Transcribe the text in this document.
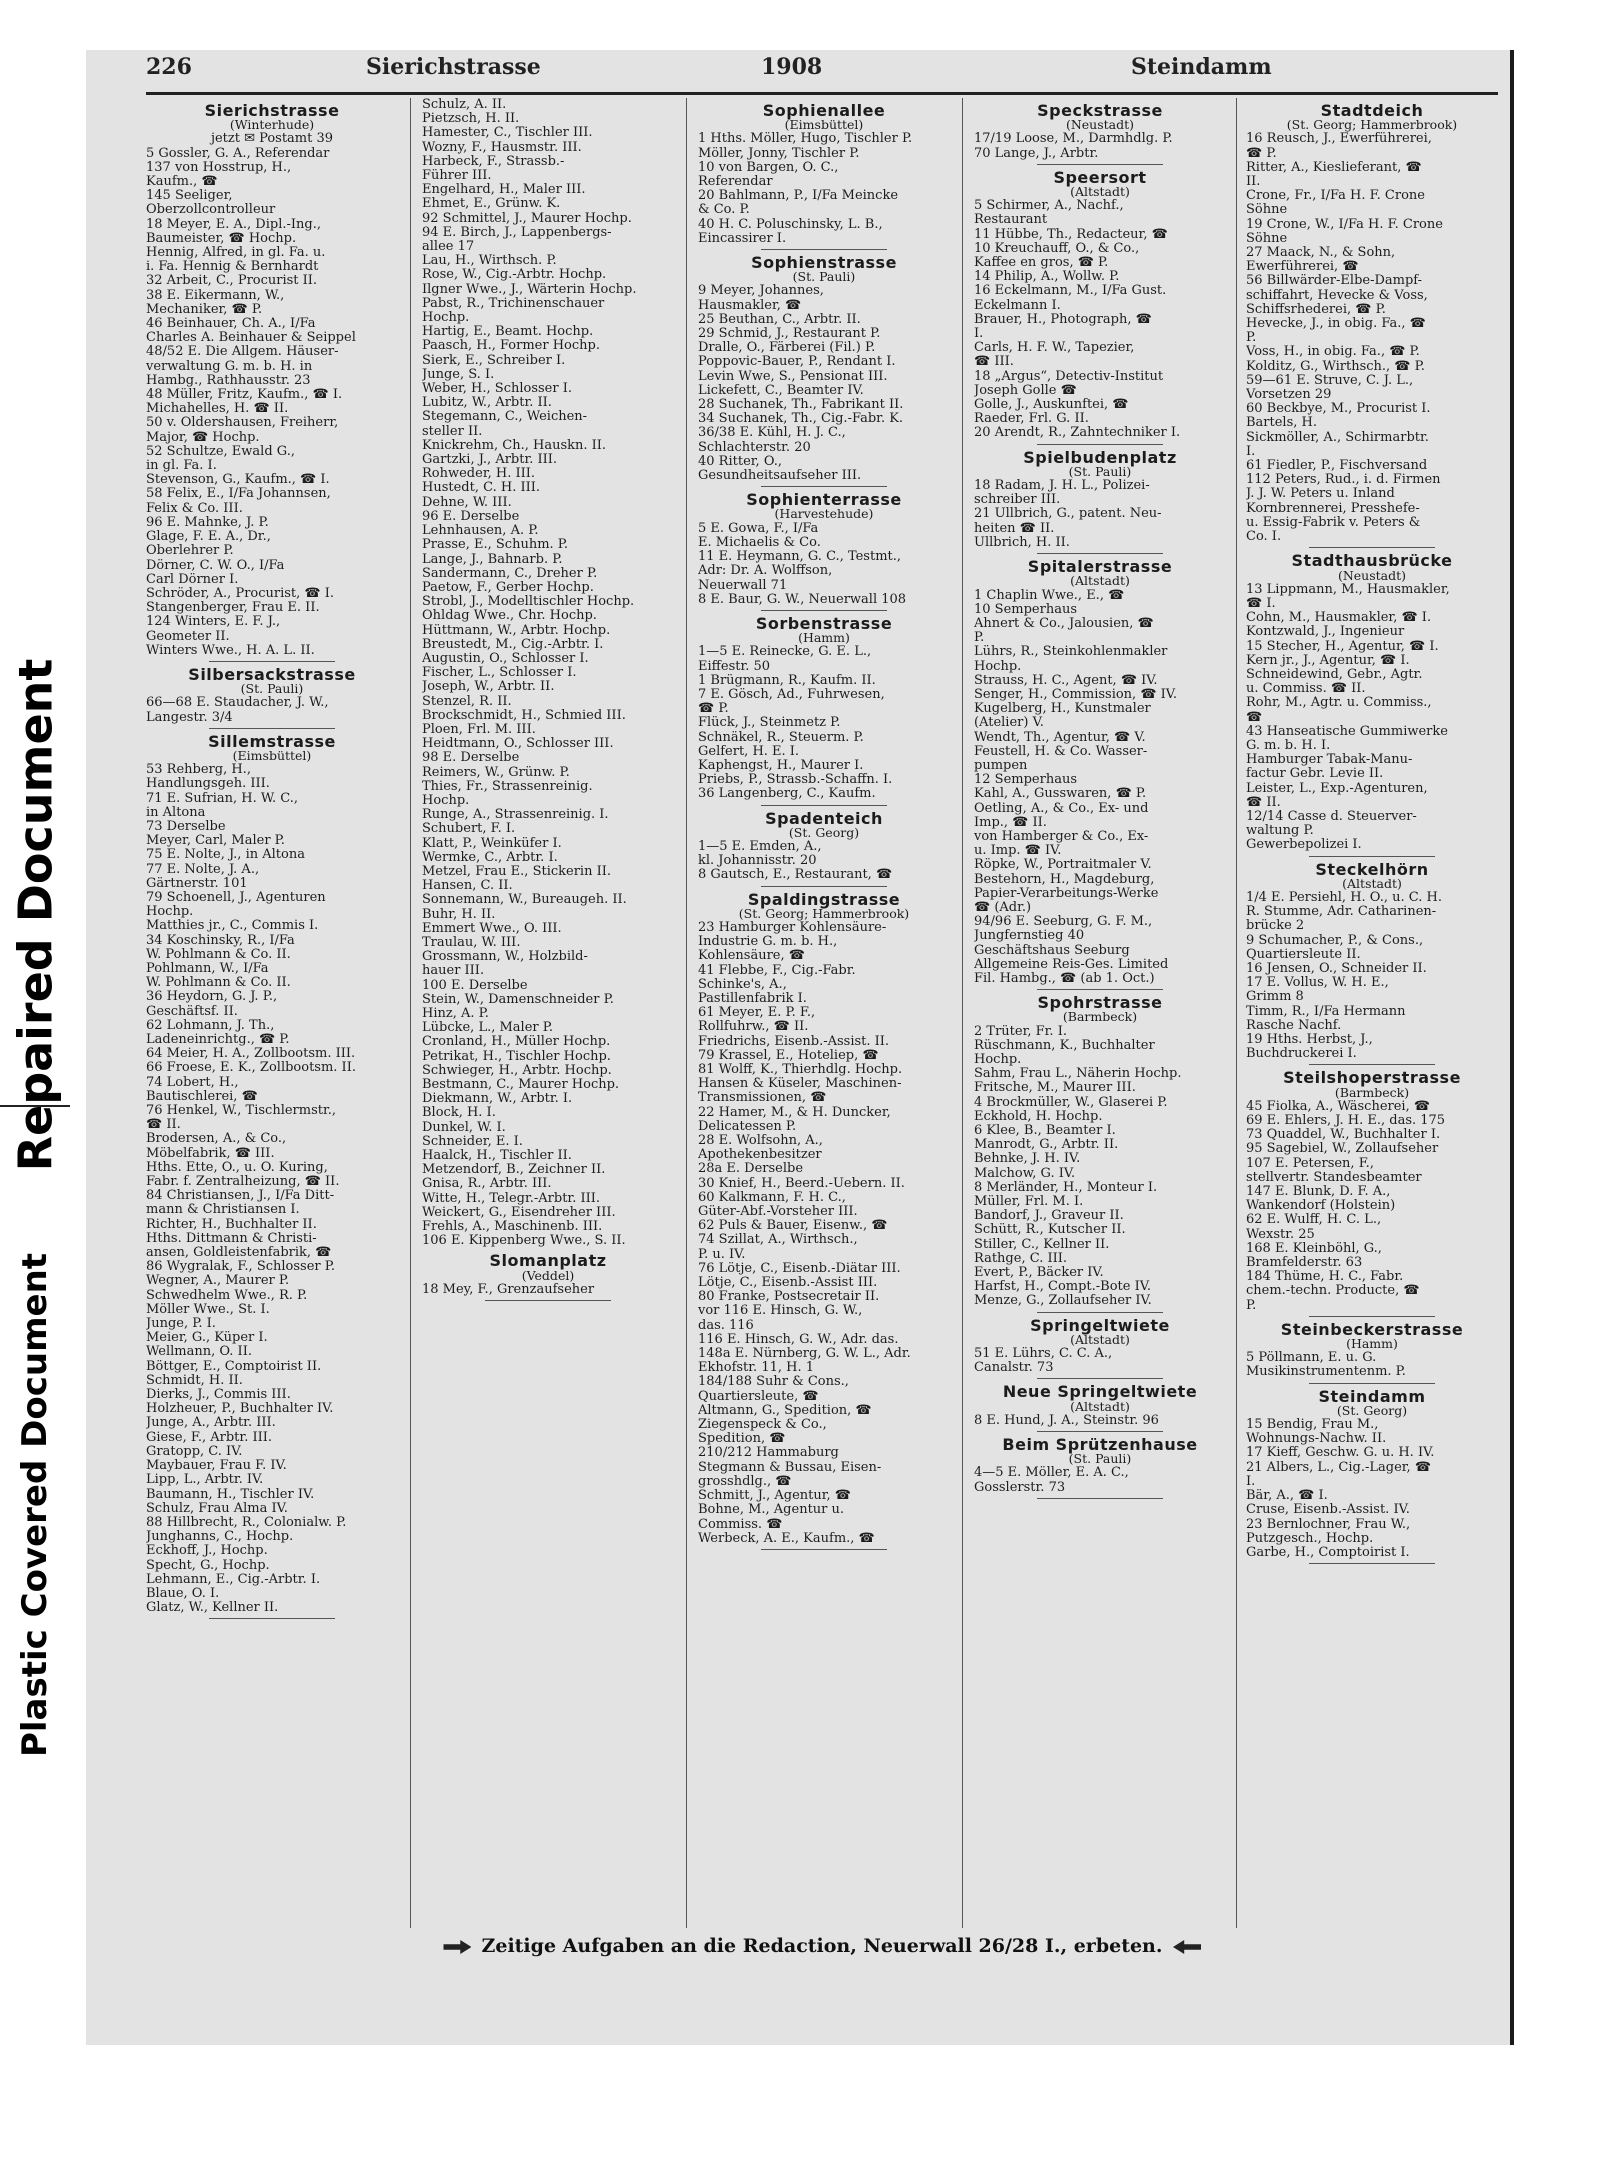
Repaired Document
Plastic Covered Document
226	Sierichstrasse	1908	Steindamm
Sierichstrasse
(Winterhude)
jetzt ✉ Postamt 39
5 Gossler, G. A., Referendar
137 von Hosstrup, H.,
Kaufm., ☎
145 Seeliger,
Oberzollcontrolleur
18 Meyer, E. A., Dipl.-Ing.,
Baumeister, ☎ Hochp.
Hennig, Alfred, in gl. Fa. u.
i. Fa. Hennig & Bernhardt
32 Arbeit, C., Procurist II.
38 E. Eikermann, W.,
Mechaniker, ☎ P.
46 Beinhauer, Ch. A., I/Fa
Charles A. Beinhauer & Seippel
48/52 E. Die Allgem. Häuser-
verwaltung G. m. b. H. in
Hambg., Rathhausstr. 23
48 Müller, Fritz, Kaufm., ☎ I.
Michahelles, H. ☎ II.
50 v. Oldershausen, Freiherr,
Major, ☎ Hochp.
52 Schultze, Ewald G.,
in gl. Fa. I.
Stevenson, G., Kaufm., ☎ I.
58 Felix, E., I/Fa Johannsen,
Felix & Co. III.
96 E. Mahnke, J. P.
Glage, F. E. A., Dr.,
Oberlehrer P.
Dörner, C. W. O., I/Fa
Carl Dörner I.
Schröder, A., Procurist, ☎ I.
Stangenberger, Frau E. II.
124 Winters, E. F. J.,
Geometer II.
Winters Wwe., H. A. L. II.
Silbersackstrasse
(St. Pauli)
66—68 E. Staudacher, J. W.,
Langestr. 3/4
Sillemstrasse
(Eimsbüttel)
53 Rehberg, H.,
Handlungsgeh. III.
71 E. Sufrian, H. W. C.,
in Altona
73 Derselbe
Meyer, Carl, Maler P.
75 E. Nolte, J., in Altona
77 E. Nolte, J. A.,
Gärtnerstr. 101
79 Schoenell, J., Agenturen
Hochp.
Matthies jr., C., Commis I.
34 Koschinsky, R., I/Fa
W. Pohlmann & Co. II.
Pohlmann, W., I/Fa
W. Pohlmann & Co. II.
36 Heydorn, G. J. P.,
Geschäftsf. II.
62 Lohmann, J. Th.,
Ladeneinrichtg., ☎ P.
64 Meier, H. A., Zollbootsm. III.
66 Froese, E. K., Zollbootsm. II.
74 Lobert, H.,
Bautischlerei, ☎
76 Henkel, W., Tischlermstr.,
☎ II.
Brodersen, A., & Co.,
Möbelfabrik, ☎ III.
Hths. Ette, O., u. O. Kuring,
Fabr. f. Zentralheizung, ☎ II.
84 Christiansen, J., I/Fa Ditt-
mann & Christiansen I.
Richter, H., Buchhalter II.
Hths. Dittmann & Christi-
ansen, Goldleistenfabrik, ☎
86 Wygralak, F., Schlosser P.
Wegner, A., Maurer P.
Schwedhelm Wwe., R. P.
Möller Wwe., St. I.
Junge, P. I.
Meier, G., Küper I.
Wellmann, O. II.
Böttger, E., Comptoirist II.
Schmidt, H. II.
Dierks, J., Commis III.
Holzheuer, P., Buchhalter IV.
Junge, A., Arbtr. III.
Giese, F., Arbtr. III.
Gratopp, C. IV.
Maybauer, Frau F. IV.
Lipp, L., Arbtr. IV.
Baumann, H., Tischler IV.
Schulz, Frau Alma IV.
88 Hillbrecht, R., Colonialw. P.
Junghanns, C., Hochp.
Eckhoff, J., Hochp.
Specht, G., Hochp.
Lehmann, E., Cig.-Arbtr. I.
Blaue, O. I.
Glatz, W., Kellner II.
Schulz, A. II.
Pietzsch, H. II.
Hamester, C., Tischler III.
Wozny, F., Hausmstr. III.
Harbeck, F., Strassb.-
Führer III.
Engelhard, H., Maler III.
Ehmet, E., Grünw. K.
92 Schmittel, J., Maurer Hochp.
94 E. Birch, J., Lappenbergs-
allee 17
Lau, H., Wirthsch. P.
Rose, W., Cig.-Arbtr. Hochp.
Ilgner Wwe., J., Wärterin Hochp.
Pabst, R., Trichinenschauer
Hochp.
Hartig, E., Beamt. Hochp.
Paasch, H., Former Hochp.
Sierk, E., Schreiber I.
Junge, S. I.
Weber, H., Schlosser I.
Lubitz, W., Arbtr. II.
Stegemann, C., Weichen-
steller II.
Knickrehm, Ch., Hauskn. II.
Gartzki, J., Arbtr. III.
Rohweder, H. III.
Hustedt, C. H. III.
Dehne, W. III.
96 E. Derselbe
Lehnhausen, A. P.
Prasse, E., Schuhm. P.
Lange, J., Bahnarb. P.
Sandermann, C., Dreher P.
Paetow, F., Gerber Hochp.
Strobl, J., Modelltischler Hochp.
Ohldag Wwe., Chr. Hochp.
Hüttmann, W., Arbtr. Hochp.
Breustedt, M., Cig.-Arbtr. I.
Augustin, O., Schlosser I.
Fischer, L., Schlosser I.
Joseph, W., Arbtr. II.
Stenzel, R. II.
Brockschmidt, H., Schmied III.
Ploen, Frl. M. III.
Heidtmann, O., Schlosser III.
98 E. Derselbe
Reimers, W., Grünw. P.
Thies, Fr., Strassenreinig.
Hochp.
Runge, A., Strassenreinig. I.
Schubert, F. I.
Klatt, P., Weinküfer I.
Wermke, C., Arbtr. I.
Metzel, Frau E., Stickerin II.
Hansen, C. II.
Sonnemann, W., Bureaugeh. II.
Buhr, H. II.
Emmert Wwe., O. III.
Traulau, W. III.
Grossmann, W., Holzbild-
hauer III.
100 E. Derselbe
Stein, W., Damenschneider P.
Hinz, A. P.
Lübcke, L., Maler P.
Cronland, H., Müller Hochp.
Petrikat, H., Tischler Hochp.
Schwieger, H., Arbtr. Hochp.
Bestmann, C., Maurer Hochp.
Diekmann, W., Arbtr. I.
Block, H. I.
Dunkel, W. I.
Schneider, E. I.
Haalck, H., Tischler II.
Metzendorf, B., Zeichner II.
Gnisa, R., Arbtr. III.
Witte, H., Telegr.-Arbtr. III.
Weickert, G., Eisendreher III.
Frehls, A., Maschinenb. III.
106 E. Kippenberg Wwe., S. II.
Slomanplatz
(Veddel)
18 Mey, F., Grenzaufseher
Sophienallee
(Eimsbüttel)
1 Hths. Möller, Hugo, Tischler P.
Möller, Jonny, Tischler P.
10 von Bargen, O. C.,
Referendar
20 Bahlmann, P., I/Fa Meincke
& Co. P.
40 H. C. Poluschinsky, L. B.,
Eincassirer I.
Sophienstrasse
(St. Pauli)
9 Meyer, Johannes,
Hausmakler, ☎
25 Beuthan, C., Arbtr. II.
29 Schmid, J., Restaurant P.
Dralle, O., Färberei (Fil.) P.
Poppovic-Bauer, P., Rendant I.
Levin Wwe, S., Pensionat III.
Lickefett, C., Beamter IV.
28 Suchanek, Th., Fabrikant II.
34 Suchanek, Th., Cig.-Fabr. K.
36/38 E. Kühl, H. J. C.,
Schlachterstr. 20
40 Ritter, O.,
Gesundheitsaufseher III.
Sophienterrasse
(Harvestehude)
5 E. Gowa, F., I/Fa
E. Michaelis & Co.
11 E. Heymann, G. C., Testmt.,
Adr: Dr. A. Wolffson,
Neuerwall 71
8 E. Baur, G. W., Neuerwall 108
Sorbenstrasse
(Hamm)
1—5 E. Reinecke, G. E. L.,
Eiffestr. 50
1 Brügmann, R., Kaufm. II.
7 E. Gösch, Ad., Fuhrwesen,
☎ P.
Flück, J., Steinmetz P.
Schnäkel, R., Steuerm. P.
Gelfert, H. E. I.
Kaphengst, H., Maurer I.
Priebs, P., Strassb.-Schaffn. I.
36 Langenberg, C., Kaufm.
Spadenteich
(St. Georg)
1—5 E. Emden, A.,
kl. Johannisstr. 20
8 Gautsch, E., Restaurant, ☎
Spaldingstrasse
(St. Georg; Hammerbrook)
23 Hamburger Kohlensäure-
Industrie G. m. b. H.,
Kohlensäure, ☎
41 Flebbe, F., Cig.-Fabr.
Schinke's, A.,
Pastillenfabrik I.
61 Meyer, E. P. F.,
Rollfuhrw., ☎ II.
Friedrichs, Eisenb.-Assist. II.
79 Krassel, E., Hoteliер, ☎
81 Wolff, K., Thierhdlg. Hochp.
Hansen & Küseler, Maschinen-
Transmissionen, ☎
22 Hamer, M., & H. Duncker,
Delicatessen P.
28 E. Wolfsohn, A.,
Apothekenbesitzer
28a E. Derselbe
30 Knief, H., Beerd.-Uebern. II.
60 Kalkmann, F. H. C.,
Güter-Abf.-Vorsteher III.
62 Puls & Bauer, Eisenw., ☎
74 Szillat, A., Wirthsch.,
P. u. IV.
76 Lötje, C., Eisenb.-Diätar III.
Lötje, C., Eisenb.-Assist III.
80 Franke, Postsecretair II.
vor 116 E. Hinsch, G. W.,
das. 116
116 E. Hinsch, G. W., Adr. das.
148a E. Nürnberg, G. W. L., Adr.
Ekhofstr. 11, H. 1
184/188 Suhr & Cons.,
Quartiersleute, ☎
Altmann, G., Spedition, ☎
Ziegenspeck & Co.,
Spedition, ☎
210/212 Hammaburg
Stegmann & Bussau, Eisen-
grosshdlg., ☎
Schmitt, J., Agentur, ☎
Bohne, M., Agentur u.
Commiss. ☎
Werbeck, A. E., Kaufm., ☎
Speckstrasse
(Neustadt)
17/19 Loose, M., Darmhdlg. P.
70 Lange, J., Arbtr.
Speersort
(Altstadt)
5 Schirmer, A., Nachf.,
Restaurant
11 Hübbe, Th., Redacteur, ☎
10 Kreuchauff, O., & Co.,
Kaffee en gros, ☎ P.
14 Philip, A., Wollw. P.
16 Eckelmann, M., I/Fa Gust.
Eckelmann I.
Brauer, H., Photograph, ☎
I.
Carls, H. F. W., Tapezier,
☎ III.
18 „Argus“, Detectiv-Institut
Joseph Golle ☎
Golle, J., Auskunftei, ☎
Raeder, Frl. G. II.
20 Arendt, R., Zahntechniker I.
Spielbudenplatz
(St. Pauli)
18 Radam, J. H. L., Polizei-
schreiber III.
21 Ullbrich, G., patent. Neu-
heiten ☎ II.
Ullbrich, H. II.
Spitalerstrasse
(Altstadt)
1 Chaplin Wwe., E., ☎
10 Semperhaus
Ahnert & Co., Jalousien, ☎
P.
Lührs, R., Steinkohlenmakler
Hochp.
Strauss, H. C., Agent, ☎ IV.
Senger, H., Commission, ☎ IV.
Kugelberg, H., Kunstmaler
(Atelier) V.
Wendt, Th., Agentur, ☎ V.
Feustell, H. & Co. Wasser-
pumpen
12 Semperhaus
Kahl, A., Gusswaren, ☎ P.
Oetling, A., & Co., Ex- und
Imp., ☎ II.
von Hamberger & Co., Ex-
u. Imp. ☎ IV.
Röpke, W., Portraitmaler V.
Bestehorn, H., Magdeburg,
Papier-Verarbeitungs-Werke
☎ (Adr.)
94/96 E. Seeburg, G. F. M.,
Jungfernstieg 40
Geschäftshaus Seeburg
Allgemeine Reis-Ges. Limited
Fil. Hambg., ☎ (ab 1. Oct.)
Spohrstrasse
(Barmbeck)
2 Trüter, Fr. I.
Rüschmann, K., Buchhalter
Hochp.
Sahm, Frau L., Näherin Hochp.
Fritsche, M., Maurer III.
4 Brockmüller, W., Glaserei P.
Eckhold, H. Hochp.
6 Klee, B., Beamter I.
Manrodt, G., Arbtr. II.
Behnke, J. H. IV.
Malchow, G. IV.
8 Merländer, H., Monteur I.
Müller, Frl. M. I.
Bandorf, J., Graveur II.
Schütt, R., Kutscher II.
Stiller, C., Kellner II.
Rathge, C. III.
Evert, P., Bäcker IV.
Harfst, H., Compt.-Bote IV.
Menze, G., Zollaufseher IV.
Springeltwiete
(Altstadt)
51 E. Lührs, C. C. A.,
Canalstr. 73
Neue Springeltwiete
(Altstadt)
8 E. Hund, J. A., Steinstr. 96
Beim Sprützenhause
(St. Pauli)
4—5 E. Möller, E. A. C.,
Gosslerstr. 73
Stadtdeich
(St. Georg; Hammerbrook)
16 Reusch, J., Ewerführerei,
☎ P.
Ritter, A., Kieslieferant, ☎
II.
Crone, Fr., I/Fa H. F. Crone
Söhne
19 Crone, W., I/Fa H. F. Crone
Söhne
27 Maack, N., & Sohn,
Ewerführerei, ☎
56 Billwärder-Elbe-Dampf-
schiffahrt, Hevecke & Voss,
Schiffsrhederei, ☎ P.
Hevecke, J., in obig. Fa., ☎
P.
Voss, H., in obig. Fa., ☎ P.
Kolditz, G., Wirthsch., ☎ P.
59—61 E. Struve, C. J. L.,
Vorsetzen 29
60 Beckbye, M., Procurist I.
Bartels, H.
Sickmöller, A., Schirmarbtr.
I.
61 Fiedler, P., Fischversand
112 Peters, Rud., i. d. Firmen
J. J. W. Peters u. Inland
Kornbrennerei, Presshefe-
u. Essig-Fabrik v. Peters &
Co. I.
Stadthausbrücke
(Neustadt)
13 Lippmann, M., Hausmakler,
☎ I.
Cohn, M., Hausmakler, ☎ I.
Kontzwald, J., Ingenieur
15 Stecher, H., Agentur, ☎ I.
Kern jr., J., Agentur, ☎ I.
Schneidewind, Gebr., Agtr.
u. Commiss. ☎ II.
Rohr, M., Agtr. u. Commiss.,
☎
43 Hanseatische Gummiwerke
G. m. b. H. I.
Hamburger Tabak-Manu-
factur Gebr. Levie II.
Leister, L., Exp.-Agenturen,
☎ II.
12/14 Casse d. Steuerver-
waltung P.
Gewerbepolizei I.
Steckelhörn
(Altstadt)
1/4 E. Persiehl, H. O., u. C. H.
R. Stumme, Adr. Catharinen-
brücke 2
9 Schumacher, P., & Cons.,
Quartiersleute II.
16 Jensen, O., Schneider II.
17 E. Vollus, W. H. E.,
Grimm 8
Timm, R., I/Fa Hermann
Rasche Nachf.
19 Hths. Herbst, J.,
Buchdruckerei I.
Steilshoperstrasse
(Barmbeck)
45 Fiolka, A., Wäscherei, ☎
69 E. Ehlers, J. H. E., das. 175
73 Quaddel, W., Buchhalter I.
95 Sagebiel, W., Zollaufseher
107 E. Petersen, F.,
stellvertr. Standesbeamter
147 E. Blunk, D. F. A.,
Wankendorf (Holstein)
62 E. Wulff, H. C. L.,
Wexstr. 25
168 E. Kleinböhl, G.,
Bramfelderstr. 63
184 Thüme, H. C., Fabr.
chem.-techn. Producte, ☎
P.
Steinbeckerstrasse
(Hamm)
5 Pöllmann, E. u. G.
Musikinstrumentenm. P.
Steindamm
(St. Georg)
15 Bendig, Frau M.,
Wohnungs-Nachw. II.
17 Kieff, Geschw. G. u. H. IV.
21 Albers, L., Cig.-Lager, ☎
I.
Bär, A., ☎ I.
Cruse, Eisenb.-Assist. IV.
23 Bernlochner, Frau W.,
Putzgesch., Hochp.
Garbe, H., Comptoirist I.
Zeitige Aufgaben an die Redaction, Neuerwall 26/28 I., erbeten.
